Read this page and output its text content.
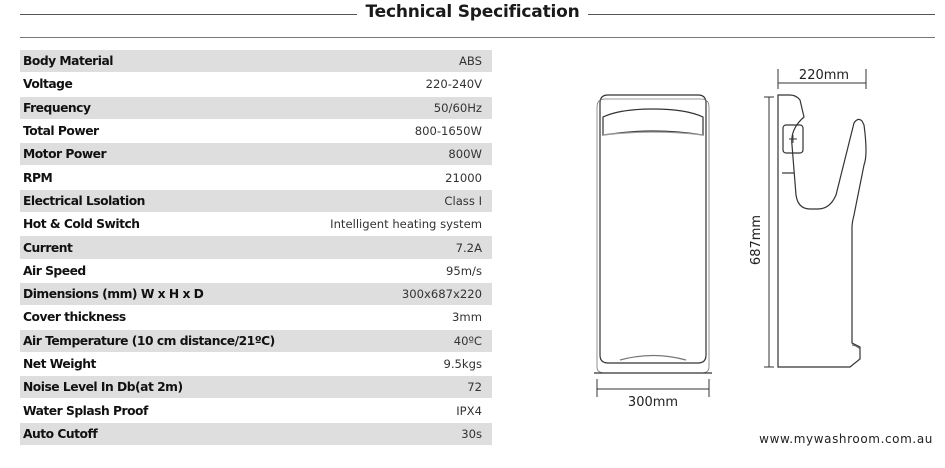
Technical Specification
Body Material	ABS
Voltage	220-240V
Frequency	50/60Hz
Total Power	800-1650W
Motor Power	800W
RPM	21000
Electrical Lsolation	Class I
Hot & Cold Switch	Intelligent heating system
Current	7.2A
Air Speed	95m/s
Dimensions (mm) W x H x D	300x687x220
Cover thickness	3mm
Air Temperature (10 cm distance/21ºC)	40ºC
Net Weight	9.5kgs
Noise Level In Db(at 2m)	72
Water Splash Proof	IPX4
Auto Cutoff	30s
300mm
220mm
687mm
www.mywashroom.com.au
